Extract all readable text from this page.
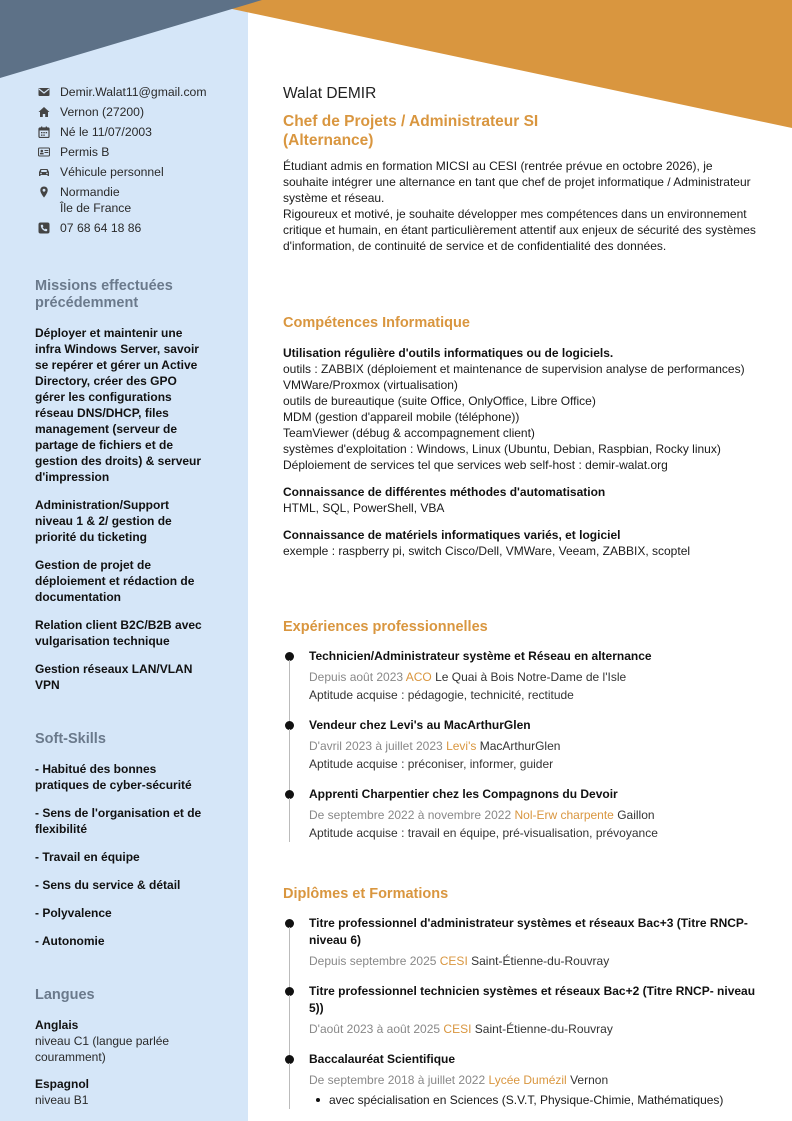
Demir.Walat11@gmail.com
Vernon (27200)
Né le 11/07/2003
Permis B
Véhicule personnel
Normandie
Île de France
07 68 64 18 86
Missions effectuées précédemment
Déployer et maintenir une infra Windows Server, savoir se repérer et gérer un Active Directory, créer des GPO gérer les configurations réseau DNS/DHCP, files management (serveur de partage de fichiers et de gestion des droits) & serveur d'impression
Administration/Support niveau 1 & 2/ gestion de priorité du ticketing
Gestion de projet de déploiement et rédaction de documentation
Relation client B2C/B2B avec vulgarisation technique
Gestion réseaux LAN/VLAN VPN
Soft-Skills
- Habitué des bonnes pratiques de cyber-sécurité
- Sens de l'organisation et de flexibilité
- Travail en équipe
- Sens du service & détail
- Polyvalence
- Autonomie
Langues
Anglais
niveau C1 (langue parlée couramment)
Espagnol
niveau B1
Walat DEMIR
Chef de Projets / Administrateur SI
(Alternance)
Étudiant admis en formation MICSI au CESI (rentrée prévue en octobre 2026), je souhaite intégrer une alternance en tant que chef de projet informatique / Administrateur système et réseau.
Rigoureux et motivé, je souhaite développer mes compétences dans un environnement critique et humain, en étant particulièrement attentif aux enjeux de sécurité des systèmes d'information, de continuité de service et de confidentialité des données.
Compétences Informatique
Utilisation régulière d'outils informatiques ou de logiciels.
outils : ZABBIX (déploiement et maintenance de supervision analyse de performances)
VMWare/Proxmox (virtualisation)
outils de bureautique (suite Office, OnlyOffice, Libre Office)
MDM (gestion d'appareil mobile (téléphone))
TeamViewer (débug & accompagnement client)
systèmes d'exploitation : Windows, Linux (Ubuntu, Debian, Raspbian, Rocky linux)
Déploiement de services tel que services web self-host : demir-walat.org
Connaissance de différentes méthodes d'automatisation
HTML, SQL, PowerShell, VBA
Connaissance de matériels informatiques variés, et logiciel
exemple : raspberry pi, switch Cisco/Dell, VMWare, Veeam, ZABBIX, scoptel
Expériences professionnelles
Technicien/Administrateur système et Réseau en alternance
Depuis août 2023 ACO Le Quai à Bois Notre-Dame de l'Isle
Aptitude acquise : pédagogie, technicité, rectitude
Vendeur chez Levi's au MacArthurGlen
D'avril 2023 à juillet 2023 Levi's MacArthurGlen
Aptitude acquise : préconiser, informer, guider
Apprenti Charpentier chez les Compagnons du Devoir
De septembre 2022 à novembre 2022 Nol-Erw charpente Gaillon
Aptitude acquise : travail en équipe, pré-visualisation, prévoyance
Diplômes et Formations
Titre professionnel d'administrateur systèmes et réseaux Bac+3 (Titre RNCP- niveau 6)
Depuis septembre 2025 CESI Saint-Étienne-du-Rouvray
Titre professionnel technicien systèmes et réseaux Bac+2 (Titre RNCP- niveau 5))
D'août 2023 à août 2025 CESI Saint-Étienne-du-Rouvray
Baccalauréat Scientifique
De septembre 2018 à juillet 2022 Lycée Dumézil Vernon
avec spécialisation en Sciences (S.V.T, Physique-Chimie, Mathématiques)
